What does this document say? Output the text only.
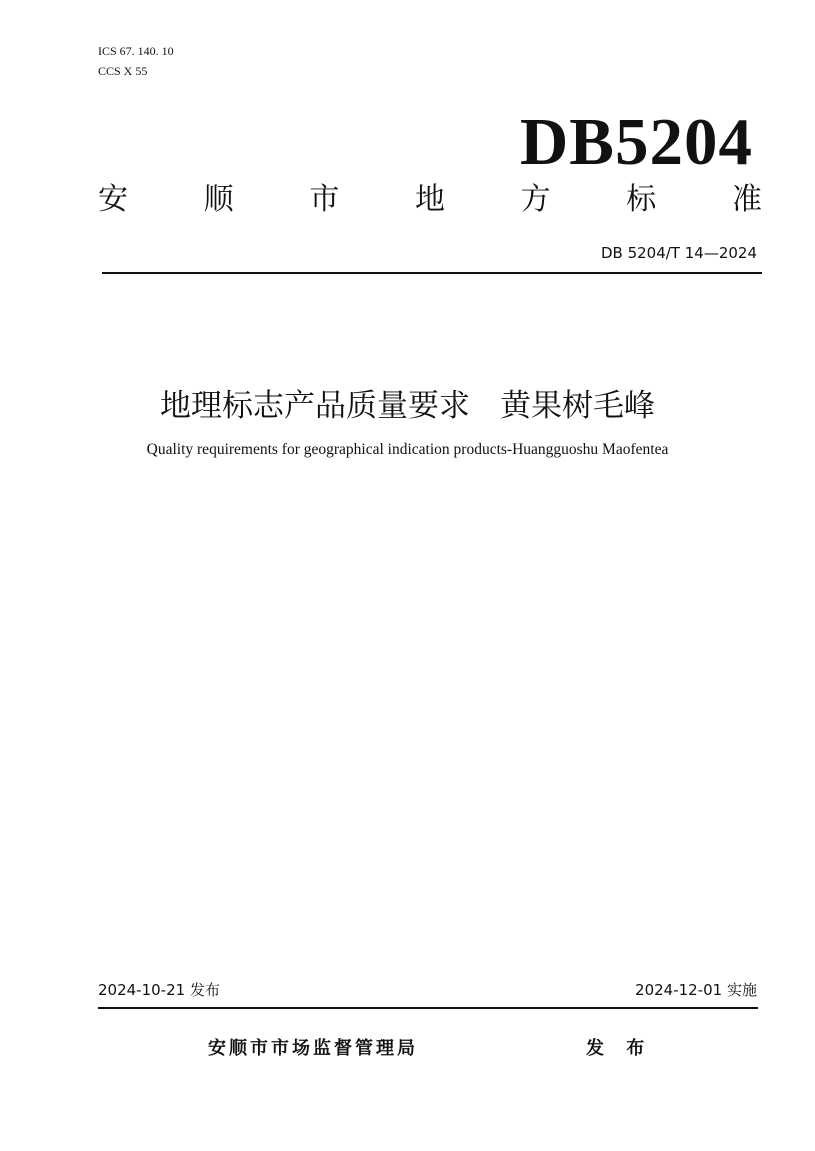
ICS 67. 140. 10
CCS X 55
DB5204
安	顺	市	地	方	标	准
DB 5204/T 14—2024
地理标志产品质量要求 黄果树毛峰
Quality requirements for geographical indication products-Huangguoshu Maofentea
2024-10-21 发布	2024-12-01 实施
安顺市市场监督管理局	发 布
